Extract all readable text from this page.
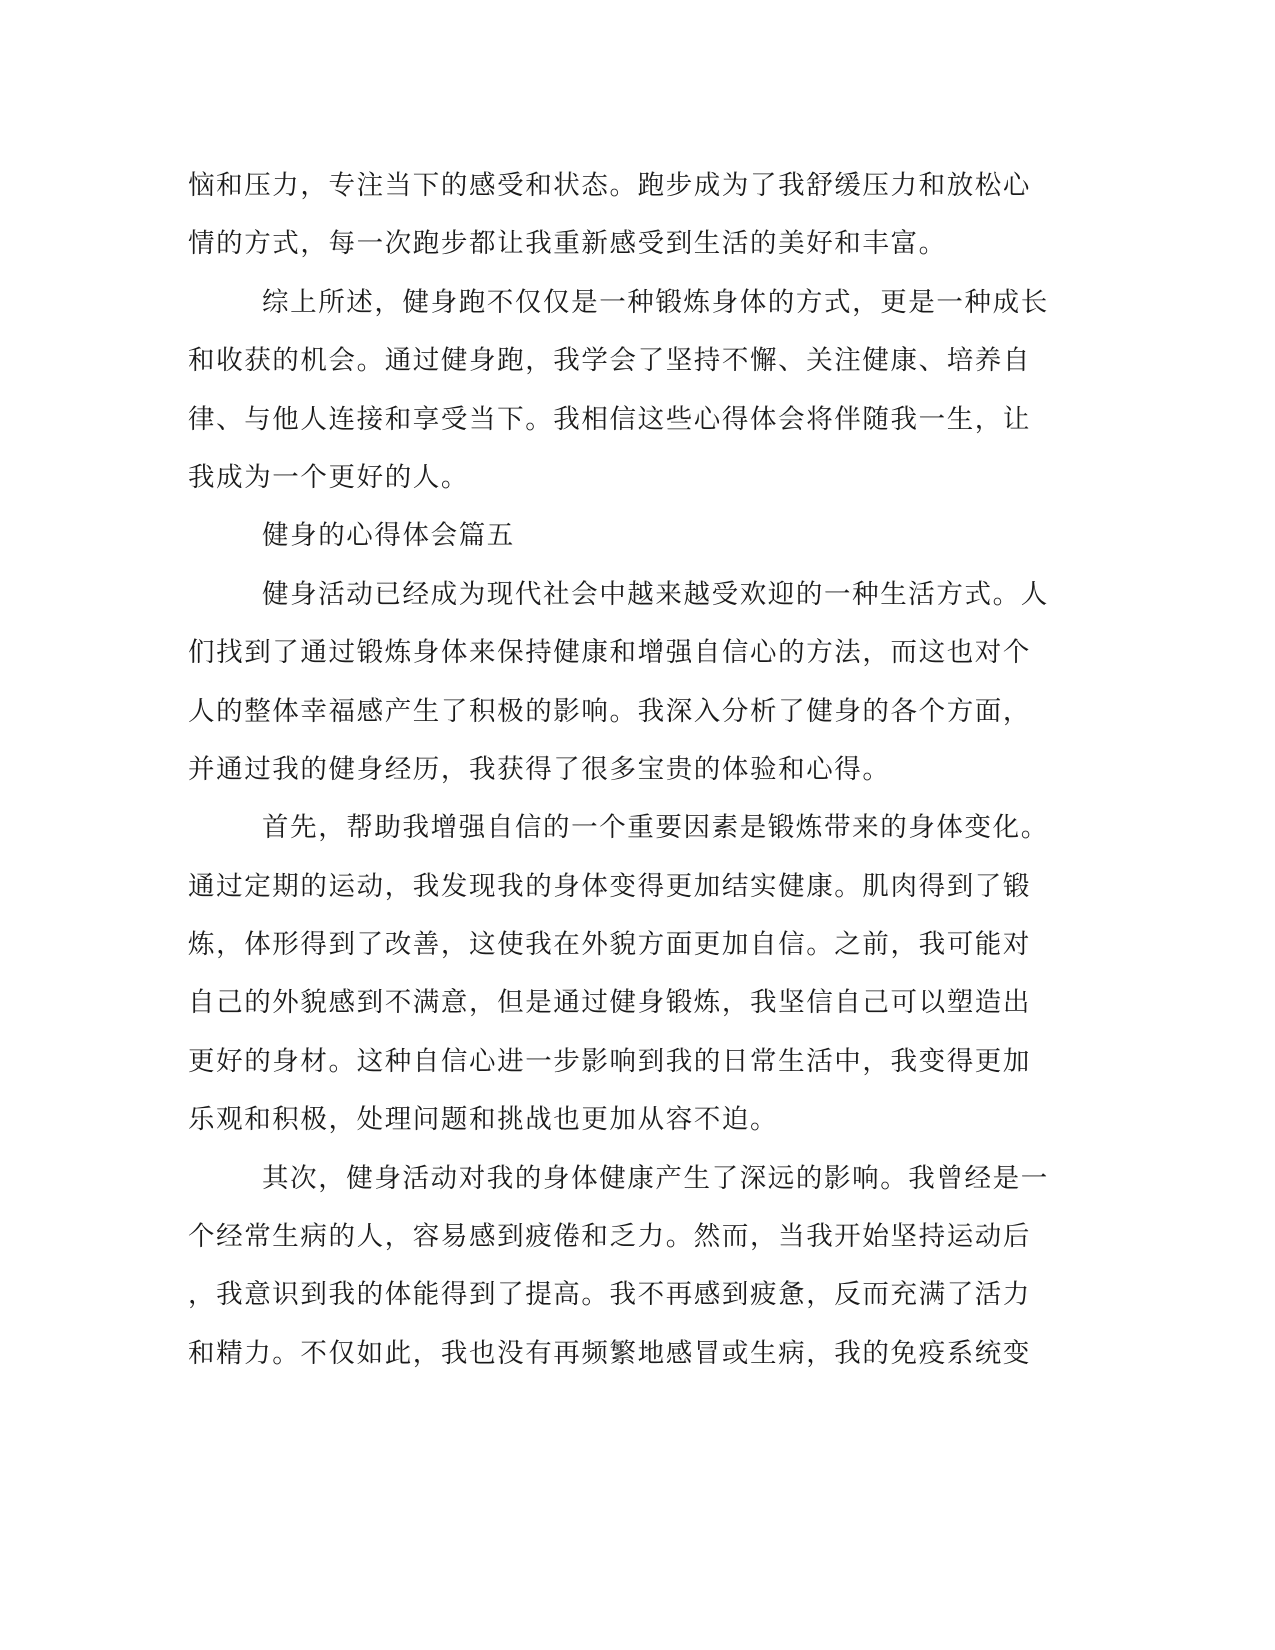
恼和压力，专注当下的感受和状态。跑步成为了我舒缓压力和放松心
情的方式，每一次跑步都让我重新感受到生活的美好和丰富。
综上所述，健身跑不仅仅是一种锻炼身体的方式，更是一种成长
和收获的机会。通过健身跑，我学会了坚持不懈、关注健康、培养自
律、与他人连接和享受当下。我相信这些心得体会将伴随我一生，让
我成为一个更好的人。
健身的心得体会篇五
健身活动已经成为现代社会中越来越受欢迎的一种生活方式。人
们找到了通过锻炼身体来保持健康和增强自信心的方法，而这也对个
人的整体幸福感产生了积极的影响。我深入分析了健身的各个方面，
并通过我的健身经历，我获得了很多宝贵的体验和心得。
首先，帮助我增强自信的一个重要因素是锻炼带来的身体变化。
通过定期的运动，我发现我的身体变得更加结实健康。肌肉得到了锻
炼，体形得到了改善，这使我在外貌方面更加自信。之前，我可能对
自己的外貌感到不满意，但是通过健身锻炼，我坚信自己可以塑造出
更好的身材。这种自信心进一步影响到我的日常生活中，我变得更加
乐观和积极，处理问题和挑战也更加从容不迫。
其次，健身活动对我的身体健康产生了深远的影响。我曾经是一
个经常生病的人，容易感到疲倦和乏力。然而，当我开始坚持运动后
，我意识到我的体能得到了提高。我不再感到疲惫，反而充满了活力
和精力。不仅如此，我也没有再频繁地感冒或生病，我的免疫系统变
